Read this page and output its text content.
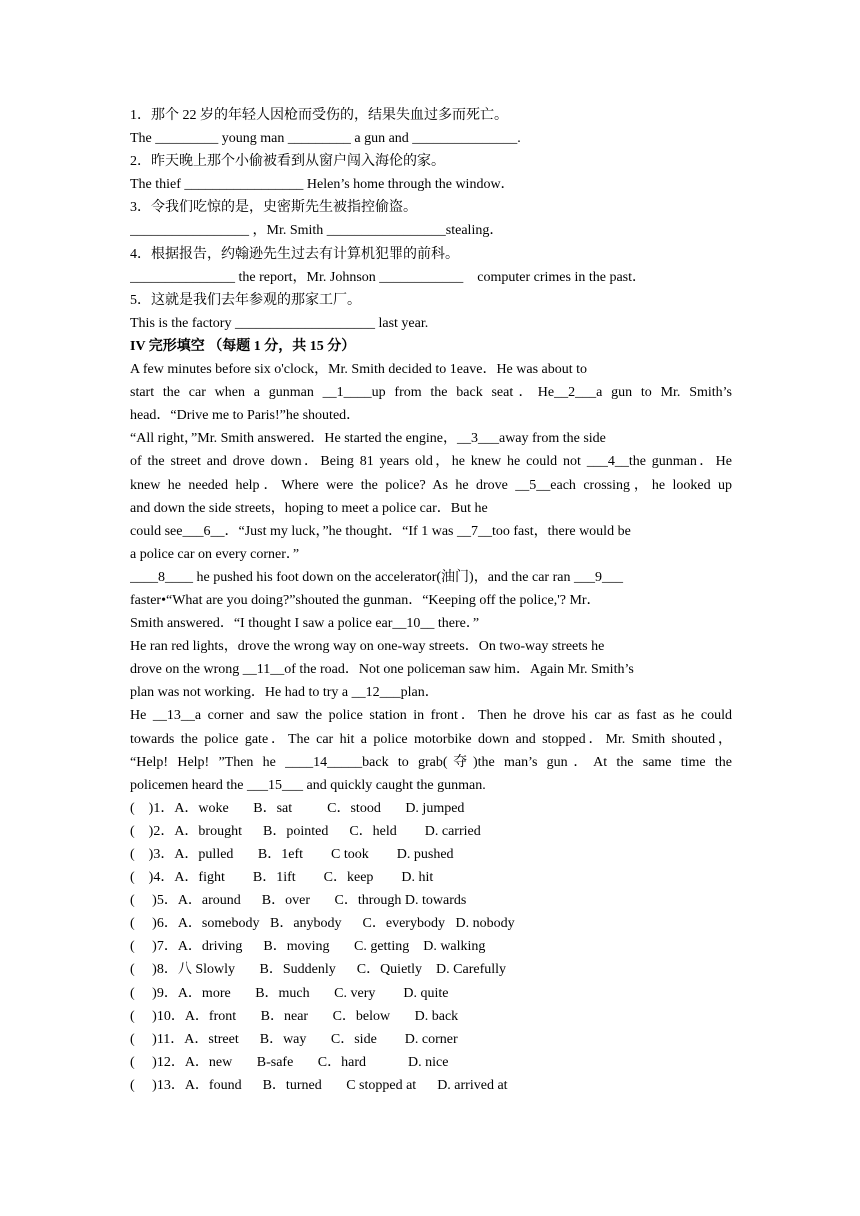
1．那个 22 岁的年轻人因枪而受伤的，结果失血过多而死亡。
The _________ young man _________ a gun and _______________.
2．昨天晚上那个小偷被看到从窗户闯入海伦的家。
The thief _________________ Helen’s home through the window．
3．令我们吃惊的是，史密斯先生被指控偷盗。
_________________ ，Mr. Smith _________________stealing．
4．根据报告，约翰逊先生过去有计算机犯罪的前科。
_______________ the report，Mr. Johnson ____________    computer crimes in the past．
5．这就是我们去年参观的那家工厂。
This is the factory ____________________ last year.
IV 完形填空 （每题 1 分，共 15 分）
A few minutes before six o'clock，Mr. Smith decided to 1eave．He was about to
start the car when a gunman __1____up from the back seat．He__2___a gun to Mr. Smith’s
head．“Drive me to Paris!”he shouted．
“All right，”Mr. Smith answered．He started the engine，__3___away from the side
of the street and drove down．Being 81 years old，he knew he could not ___4__the gunman．He
knew he needed help．Where were the police? As he drove __5__each crossing，he looked up
and down the side streets，hoping to meet a police car．But he
could see___6__．“Just my luck，”he thought．“If 1 was __7__too fast，there would be
a police car on every corner．”
____8____ he pushed his foot down on the accelerator(油门)，and the car ran ___9___
faster•“What are you doing?”shouted the gunman．“Keeping off the police,'? Mr．
Smith answered．“I thought I saw a police ear__10__ there．”
He ran red lights，drove the wrong way on one-way streets．On two-way streets he
drove on the wrong __11__of the road．Not one policeman saw him．Again Mr. Smith’s
plan was not working．He had to try a __12___plan．
He __13__a corner and saw the police station in front．Then he drove his car as fast as he could
towards the police gate．The car hit a police motorbike down and stopped．Mr. Smith shouted，
“Help! Help! ”Then he ____14_____back to grab(夺)the man’s gun．At the same time the
policemen heard the ___15___ and quickly caught the gunman.
(    )1．A．woke       B．sat          C．stood       D. jumped
(    )2．A．brought      B．pointed      C．held        D. carried
(    )3．A．pulled       B．1eft        C took        D. pushed
(    )4．A．fight        B．1ift        C．keep        D. hit
(     )5．A．around      B．over       C．through D. towards
(     )6．A．somebody   B．anybody      C．everybody   D. nobody
(     )7．A．driving      B．moving       C. getting    D. walking
(     )8．八 Slowly       B．Suddenly      C．Quietly    D. Carefully
(     )9．A．more       B．much       C. very        D. quite
(     )10．A．front       B．near       C．below       D. back
(     )11．A．street      B．way       C．side        D. corner
(     )12．A．new       B-safe       C．hard            D. nice
(     )13．A．found      B．turned       C stopped at      D. arrived at
